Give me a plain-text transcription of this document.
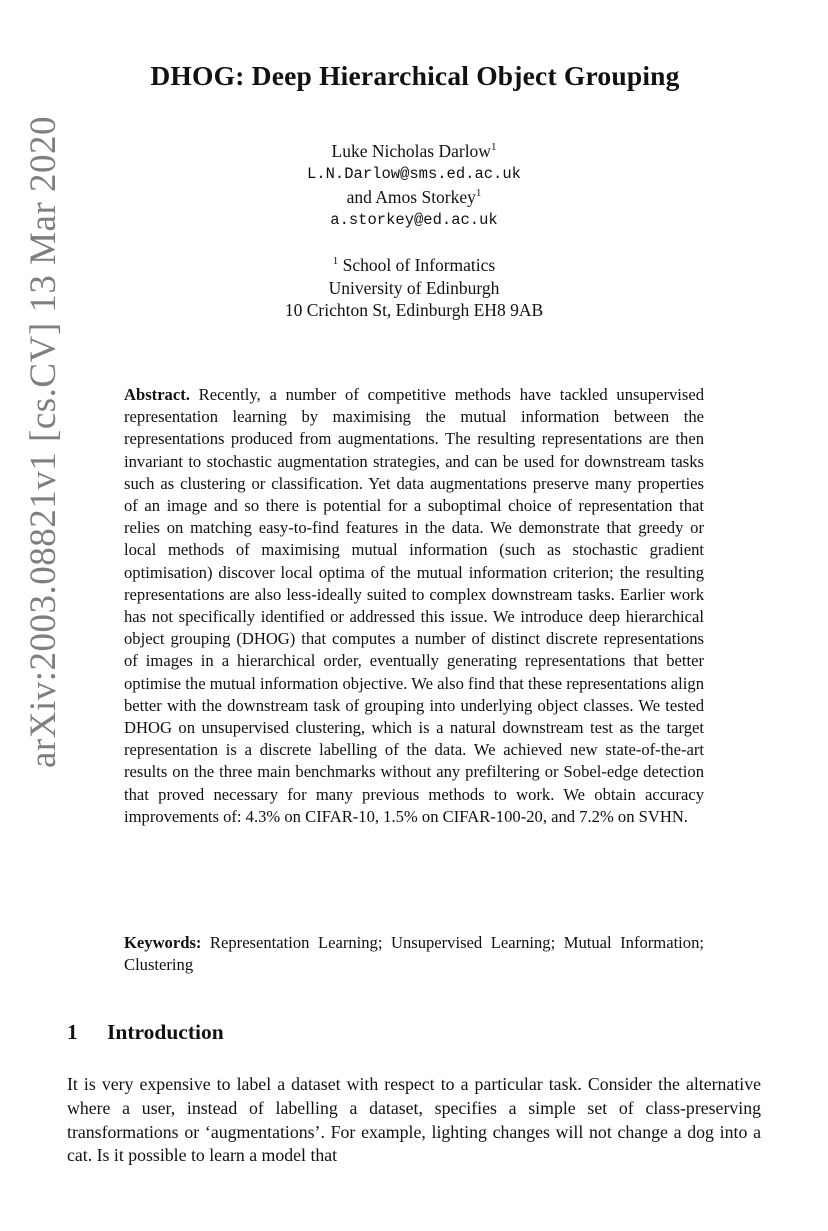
arXiv:2003.08821v1 [cs.CV] 13 Mar 2020
DHOG: Deep Hierarchical Object Grouping
Luke Nicholas Darlow$^1$
L.N.Darlow@sms.ed.ac.uk
and Amos Storkey$^1$
a.storkey@ed.ac.uk
$^1$ School of Informatics
University of Edinburgh
10 Crichton St, Edinburgh EH8 9AB
Abstract. Recently, a number of competitive methods have tackled unsupervised representation learning by maximising the mutual information between the representations produced from augmentations. The resulting representations are then invariant to stochastic augmentation strategies, and can be used for downstream tasks such as clustering or classification. Yet data augmentations preserve many properties of an image and so there is potential for a suboptimal choice of representation that relies on matching easy-to-find features in the data. We demonstrate that greedy or local methods of maximising mutual information (such as stochastic gradient optimisation) discover local optima of the mutual information criterion; the resulting representations are also less-ideally suited to complex downstream tasks. Earlier work has not specifically identified or addressed this issue. We introduce deep hierarchical object grouping (DHOG) that computes a number of distinct discrete representations of images in a hierarchical order, eventually generating representations that better optimise the mutual information objective. We also find that these representations align better with the downstream task of grouping into underlying object classes. We tested DHOG on unsupervised clustering, which is a natural downstream test as the target representation is a discrete labelling of the data. We achieved new state-of-the-art results on the three main benchmarks without any prefiltering or Sobel-edge detection that proved necessary for many previous methods to work. We obtain accuracy improvements of: 4.3% on CIFAR-10, 1.5% on CIFAR-100-20, and 7.2% on SVHN.
Keywords: Representation Learning; Unsupervised Learning; Mutual Information; Clustering
1 Introduction
It is very expensive to label a dataset with respect to a particular task. Consider the alternative where a user, instead of labelling a dataset, specifies a simple set of class-preserving transformations or ‘augmentations’. For example, lighting changes will not change a dog into a cat. Is it possible to learn a model that
